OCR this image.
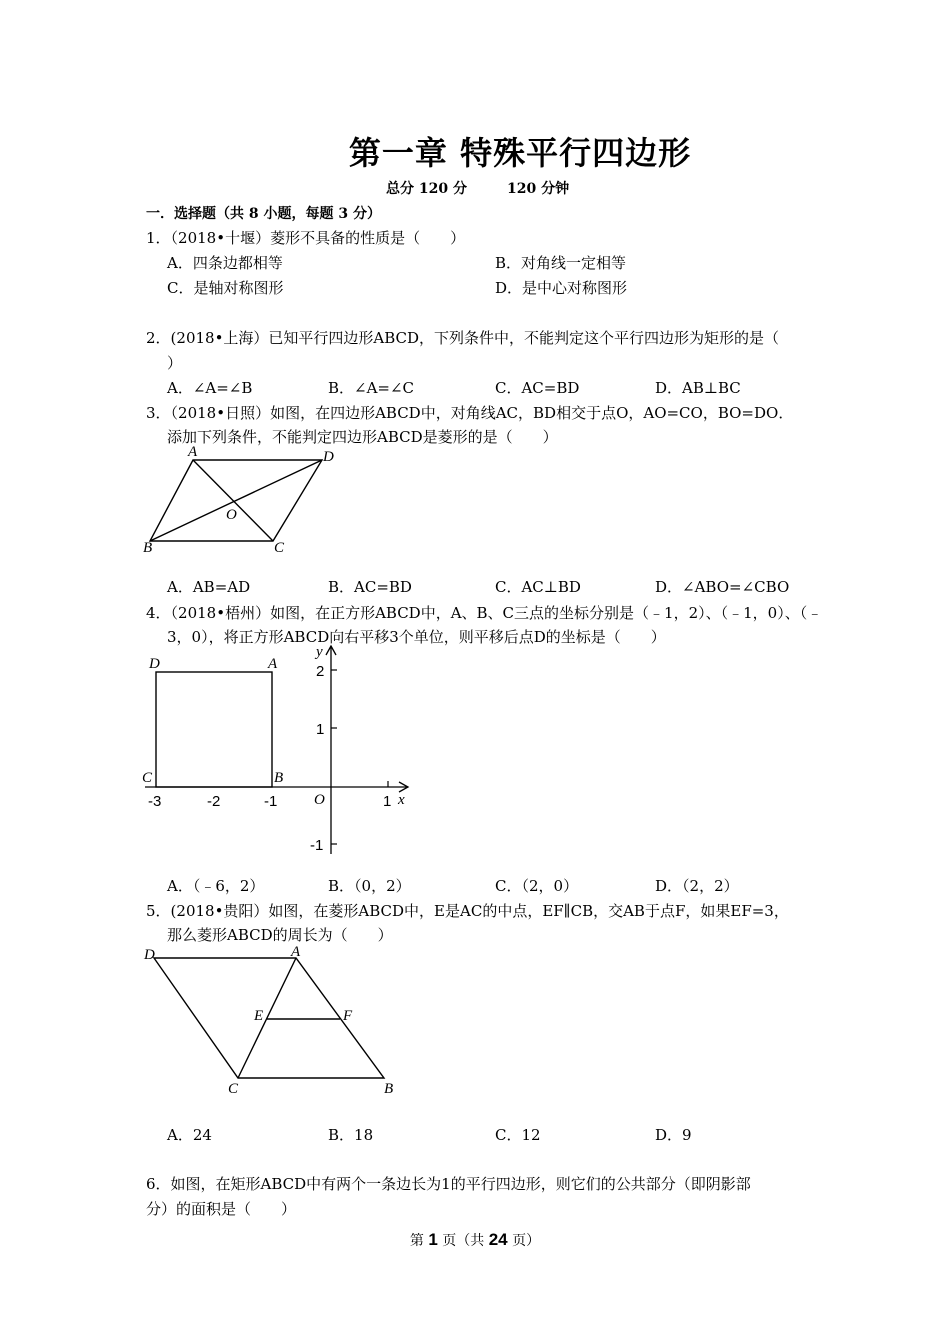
第一章 特殊平行四边形
总分 120 分	120 分钟
一．选择题（共 8 小题，每题 3 分）
1．（2018•十堰）菱形不具备的性质是（　　）
A．四条边都相等	B．对角线一定相等
C．是轴对称图形	D．是中心对称图形
2．(2018•上海）已知平行四边形ABCD，下列条件中，不能判定这个平行四边形为矩形的是（
）
A．∠A=∠B	B．∠A=∠C	C．AC=BD	D．AB⊥BC
3．（2018•日照）如图，在四边形ABCD中，对角线AC，BD相交于点O，AO=CO，BO=DO．
添加下列条件，不能判定四边形ABCD是菱形的是（　　）
A	D
O
B	C
A．AB=AD	B．AC=BD	C．AC⊥BD	D．∠ABO=∠CBO
4．（2018•梧州）如图，在正方形ABCD中，A、B、C三点的坐标分别是（﹣1，2）、（﹣1，0）、（﹣
3，0），将正方形ABCD向右平移3个单位，则平移后点D的坐标是（　　）
D	A
C	B
-3	-2	-1 O	1 x
y
2
1
-1
A．（﹣6，2）	B．（0，2）	C．（2，0）	D．（2，2）
5．(2018•贵阳）如图，在菱形ABCD中，E是AC的中点，EF∥CB，交AB于点F，如果EF=3，
那么菱形ABCD的周长为（　　）
D	A
E	F
C	B
A．24	B．18	C．12	D．9
6．如图，在矩形ABCD中有两个一条边长为1的平行四边形，则它们的公共部分（即阴影部
分）的面积是（　　）
第 1 页（共 24 页）
